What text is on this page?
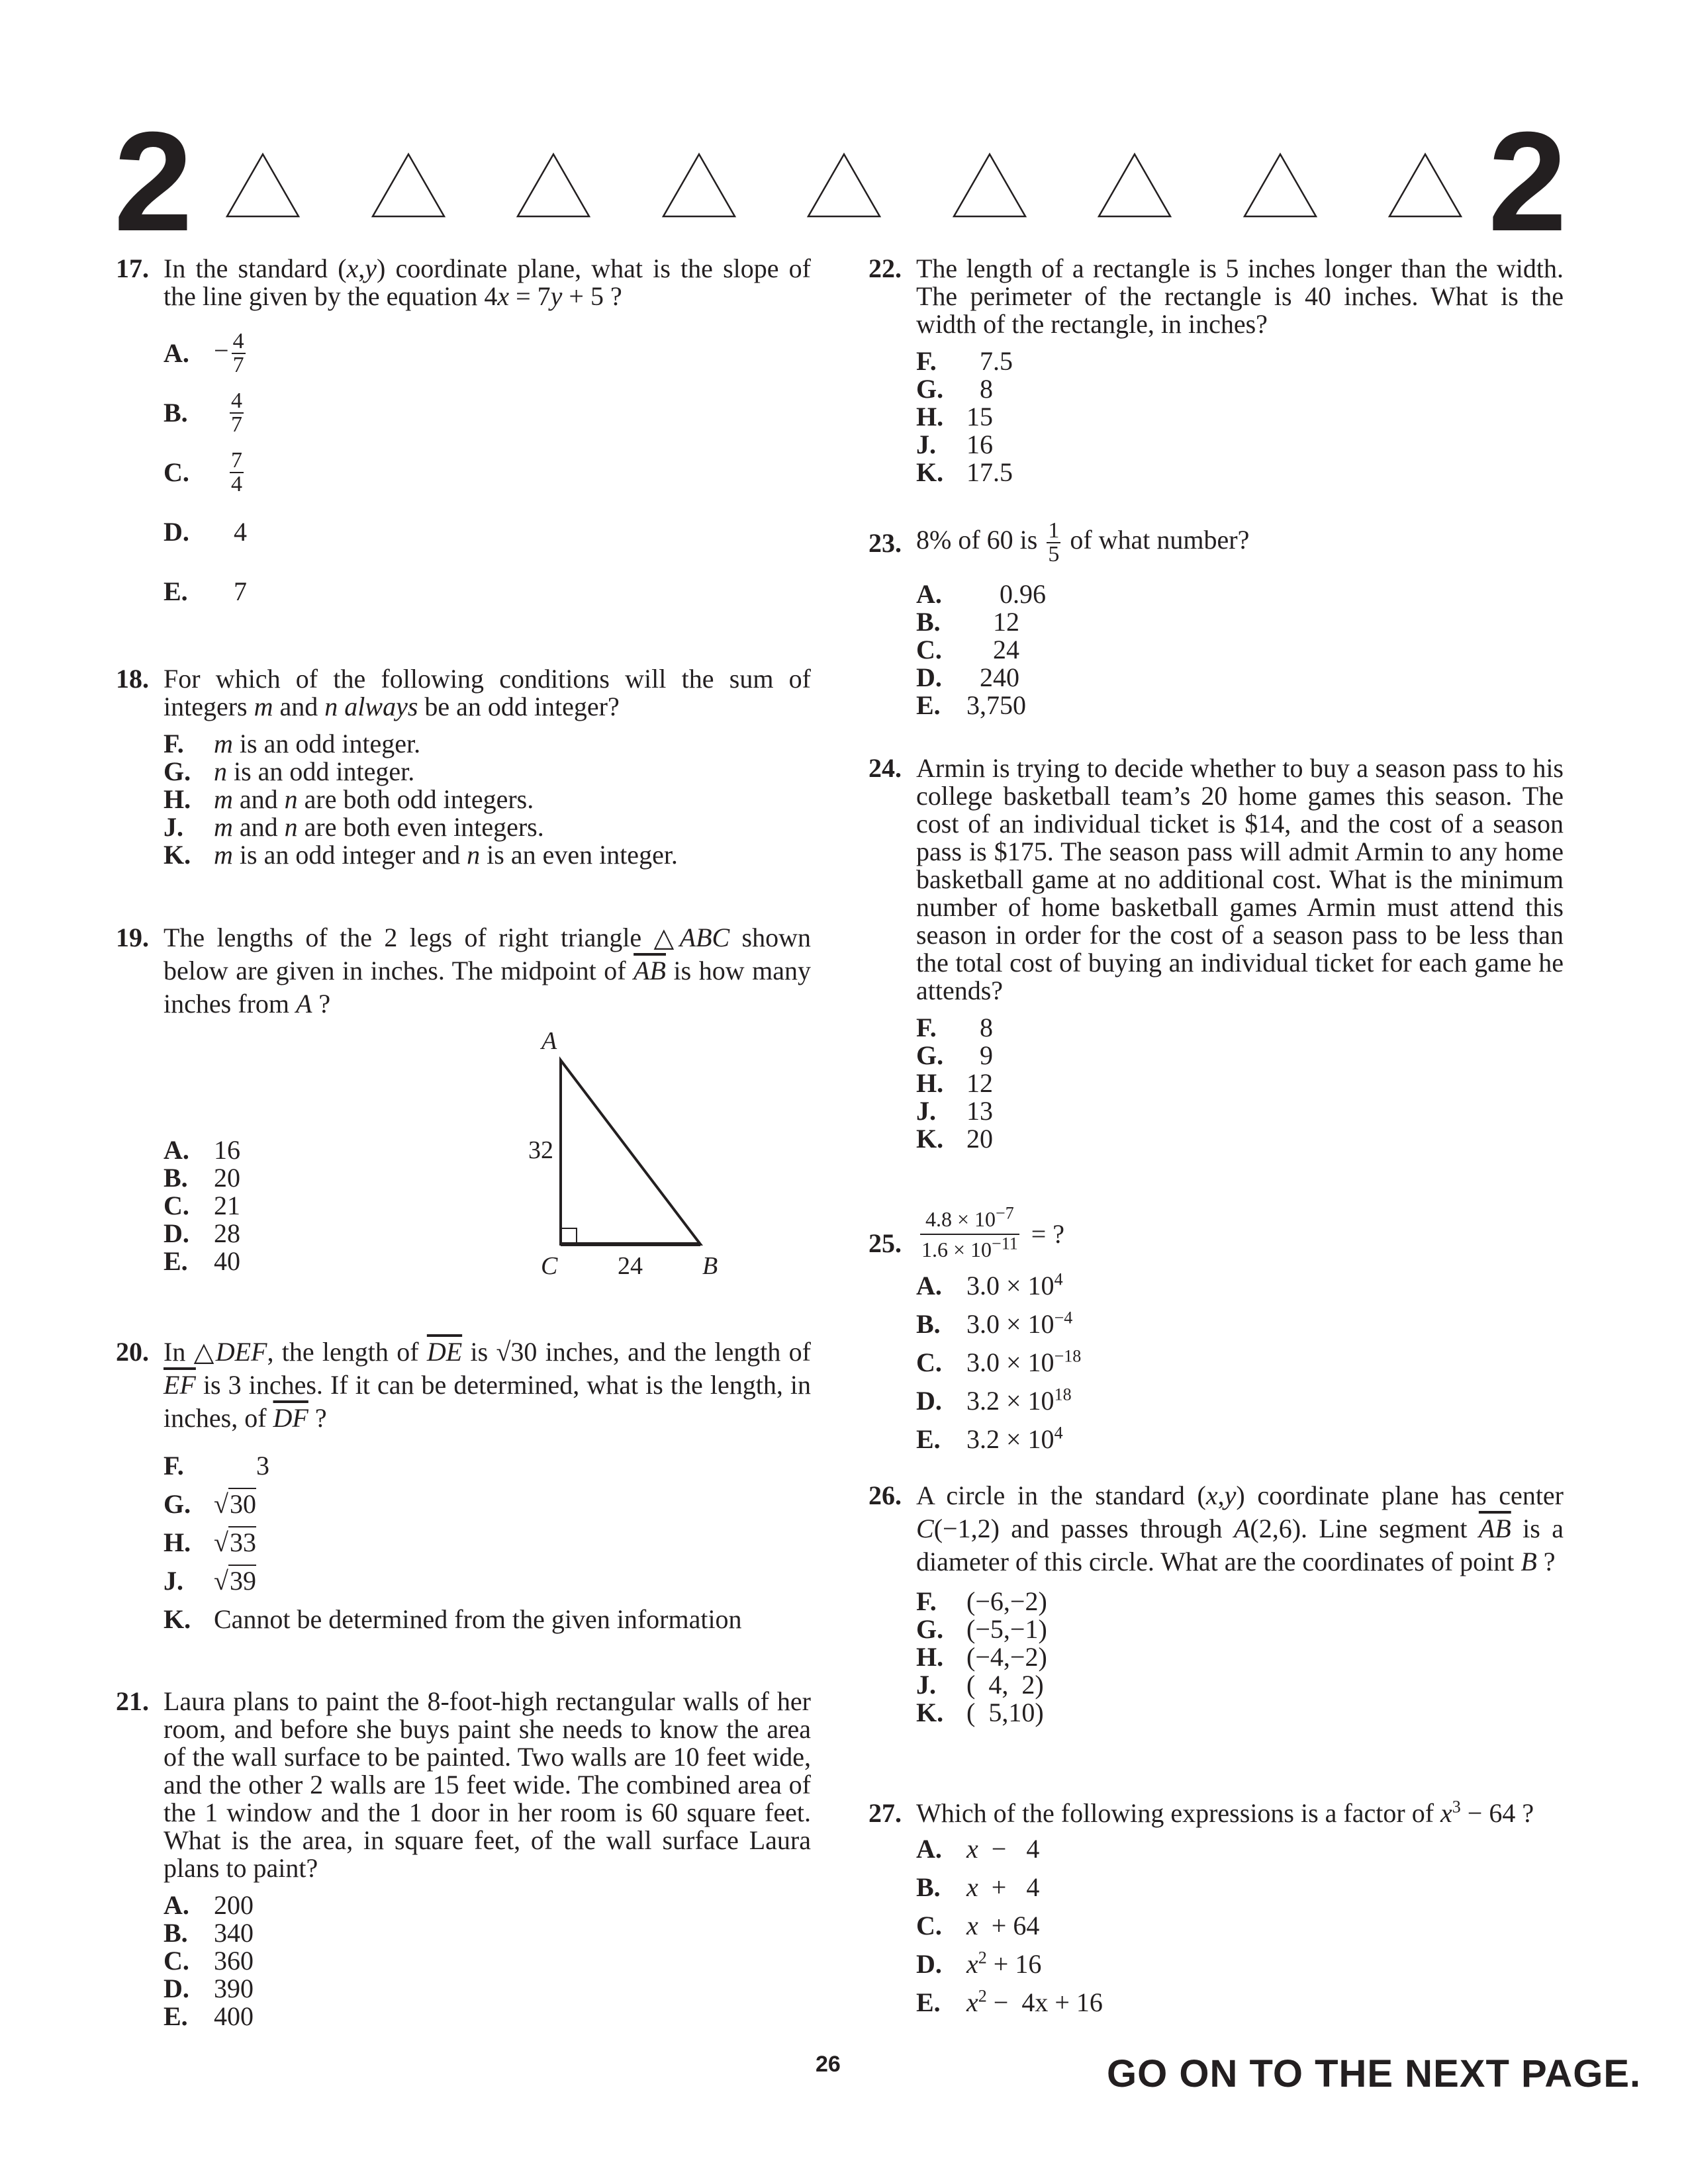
2	2
17. In the standard (x,y) coordinate plane, what is the slope of the line given by the equation 4x = 7y + 5 ?
A. − $\frac{4}{7}$
B.
	$\frac{4}{7}$
C.
	$\frac{7}{4}$
D.	4
E.	7
18. For which of the following conditions will the sum of integers m and n always be an odd integer?
F.	m is an odd integer.
G. n is an odd integer.
H. m and n are both odd integers.
J.	m and n are both even integers.
K. m is an odd integer and n is an even integer.
19. The lengths of the 2 legs of right triangle △ABC shown below are given in inches. The midpoint of $\overline{AB}$ is how many inches from A ?
A. 16
B. 20
C. 21
D. 28
E. 40
A
32
C 24 B
20. In △DEF, the length of $\overline{DE}$ is √30 inches, and the length of $\overline{EF}$ is 3 inches. If it can be determined, what is the length, in inches, of $\overline{DF}$ ?
F.	3
G. √30
H. √33
J.	√39
K. Cannot be determined from the given information
21. Laura plans to paint the 8-foot-high rectangular walls of her room, and before she buys paint she needs to know the area of the wall surface to be painted. Two walls are 10 feet wide, and the other 2 walls are 15 feet wide. The combined area of the 1 window and the 1 door in her room is 60 square feet. What is the area, in square feet, of the wall surface Laura plans to paint?
A. 200
B. 340
C. 360
D. 390
E. 400
22. The length of a rectangle is 5 inches longer than the width. The perimeter of the rectangle is 40 inches. What is the width of the rectangle, in inches?
F.	7.5
G. 8
H. 15
J.	16
K. 17.5
23. 8% of 60 is $\frac{1}{5}$ of what number?
A. 0.96
B. 12
C. 24
D. 240
E. 3,750
24. Armin is trying to decide whether to buy a season pass to his college basketball team’s 20 home games this season. The cost of an individual ticket is $14, and the cost of a season pass is $175. The season pass will admit Armin to any home basketball game at no additional cost. What is the minimum number of home basketball games Armin must attend this season in order for the cost of a season pass to be less than the total cost of buying an individual ticket for each game he attends?
F.	8
G. 9
H. 12
J.	13
K. 20
25. $\frac{4.8 \times 10^{-7}}{1.6 \times 10^{-11}}$ = ?
A. $3.0 \times 10^4$
B. $3.0 \times 10^{-4}$
C. $3.0 \times 10^{-18}$
D. $3.2 \times 10^{18}$
E. $3.2 \times 10^4$
26. A circle in the standard (x,y) coordinate plane has center C(−1,2) and passes through A(2,6). Line segment $\overline{AB}$ is a diameter of this circle. What are the coordinates of point B ?
F.	(−6,−2)
G. (−5,−1)
H. (−4,−2)
J.	(  4,  2)
K. (  5,10)
27. Which of the following expressions is a factor of $x^3 - 64$ ?
A. x  −   4
B. x  +   4
C. x  + 64
D. $x^2 + 16$
E. $x^2 - 4x + 16$
26	GO ON TO THE NEXT PAGE.
